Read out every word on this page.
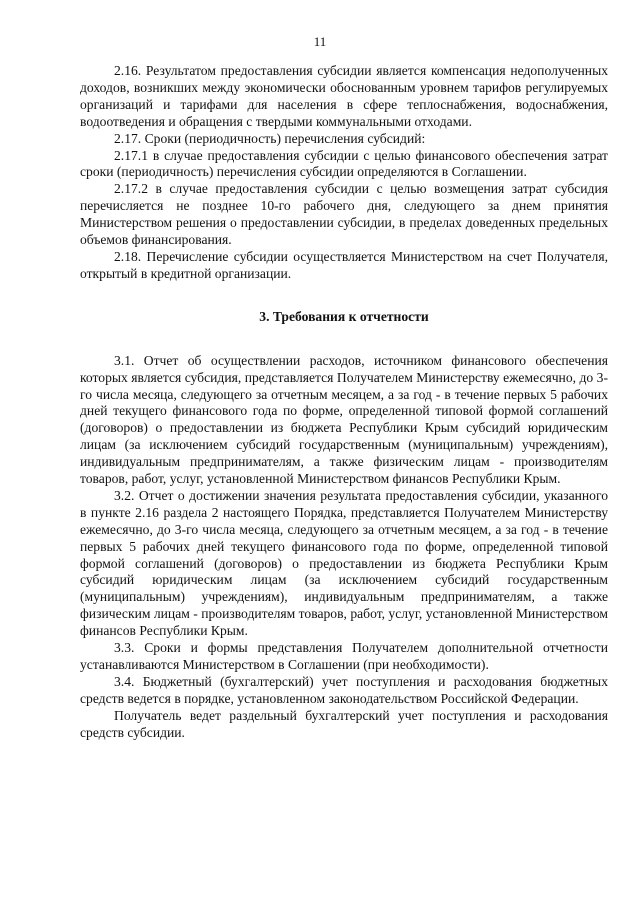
11

2.16. Результатом предоставления субсидии является компенсация недополученных доходов, возникших между экономически обоснованным уровнем тарифов регулируемых организаций и тарифами для населения в сфере теплоснабжения, водоснабжения, водоотведения и обращения с твердыми коммунальными отходами.

2.17. Сроки (периодичность) перечисления субсидий:

2.17.1 в случае предоставления субсидии с целью финансового обеспечения затрат сроки (периодичность) перечисления субсидии определяются в Соглашении.

2.17.2 в случае предоставления субсидии с целью возмещения затрат субсидия перечисляется не позднее 10-го рабочего дня, следующего за днем принятия Министерством решения о предоставлении субсидии, в пределах доведенных предельных объемов финансирования.

2.18. Перечисление субсидии осуществляется Министерством на счет Получателя, открытый в кредитной организации.

3. Требования к отчетности

3.1. Отчет об осуществлении расходов, источником финансового обеспечения которых является субсидия, представляется Получателем Министерству ежемесячно, до 3-го числа месяца, следующего за отчетным месяцем, а за год - в течение первых 5 рабочих дней текущего финансового года по форме, определенной типовой формой соглашений (договоров) о предоставлении из бюджета Республики Крым субсидий юридическим лицам (за исключением субсидий государственным (муниципальным) учреждениям), индивидуальным предпринимателям, а также физическим лицам - производителям товаров, работ, услуг, установленной Министерством финансов Республики Крым.

3.2. Отчет о достижении значения результата предоставления субсидии, указанного в пункте 2.16 раздела 2 настоящего Порядка, представляется Получателем Министерству ежемесячно, до 3-го числа месяца, следующего за отчетным месяцем, а за год - в течение первых 5 рабочих дней текущего финансового года по форме, определенной типовой формой соглашений (договоров) о предоставлении из бюджета Республики Крым субсидий юридическим лицам (за исключением субсидий государственным (муниципальным) учреждениям), индивидуальным предпринимателям, а также физическим лицам - производителям товаров, работ, услуг, установленной Министерством финансов Республики Крым.

3.3. Сроки и формы представления Получателем дополнительной отчетности устанавливаются Министерством в Соглашении (при необходимости).

3.4. Бюджетный (бухгалтерский) учет поступления и расходования бюджетных средств ведется в порядке, установленном законодательством Российской Федерации.

Получатель ведет раздельный бухгалтерский учет поступления и расходования средств субсидии.
